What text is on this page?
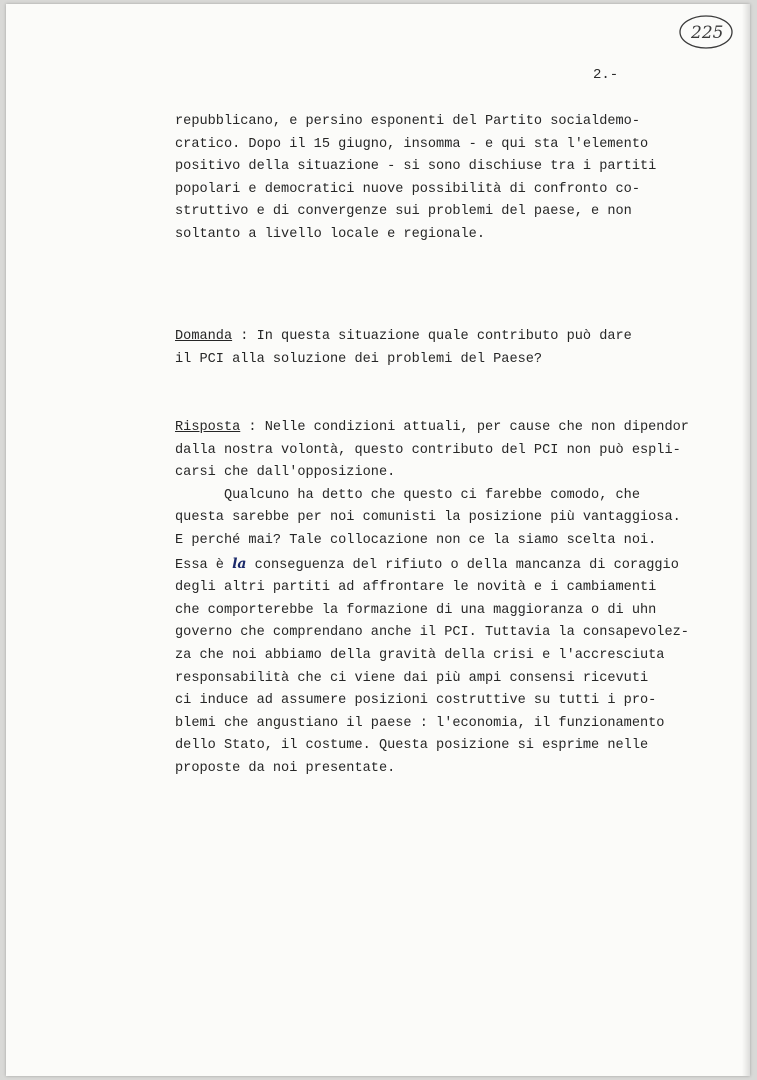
225

2.-

repubblicano, e persino esponenti del Partito socialdemo-
cratico. Dopo il 15 giugno, insomma - e qui sta l'elemento
positivo della situazione - si sono dischiuse tra i partiti
popolari e democratici nuove possibilità di confronto co-
struttivo e di convergenze sui problemi del paese, e non
soltanto a livello locale e regionale.
Domanda : In questa situazione quale contributo può dare
il PCI alla soluzione dei problemi del Paese?
Risposta : Nelle condizioni attuali, per cause che non dipendor
dalla nostra volontà, questo contributo del PCI non può espli-
carsi che dall'opposizione.
Qualcuno ha detto che questo ci farebbe comodo, che
questa sarebbe per noi comunisti la posizione più vantaggiosa.
E perché mai? Tale collocazione non ce la siamo scelta noi.
Essa è la conseguenza del rifiuto o della mancanza di coraggio
degli altri partiti ad affrontare le novità e i cambiamenti
che comporterebbe la formazione di una maggioranza o di uhn
governo che comprendano anche il PCI. Tuttavia la consapevolez-
za che noi abbiamo della gravità della crisi e l'accresciuta
responsabilità che ci viene dai più ampi consensi ricevuti
ci induce ad assumere posizioni costruttive su tutti i pro-
blemi che angustiano il paese : l'economia, il funzionamento
dello Stato, il costume. Questa posizione si esprime nelle
proposte da noi presentate.
